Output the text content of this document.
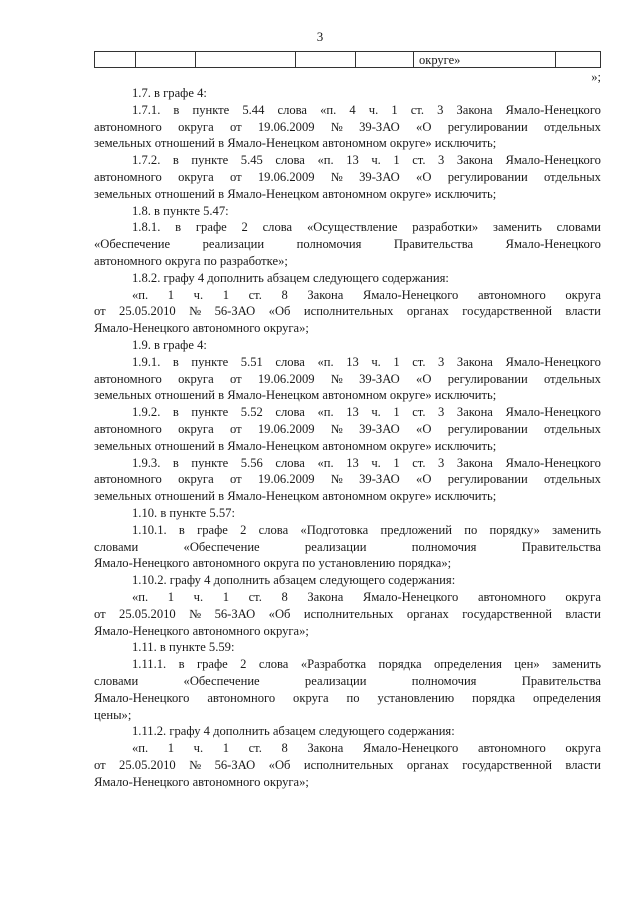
3
округе»
»;
1.7. в графе 4:
1.7.1. в пункте 5.44 слова «п. 4 ч. 1 ст. 3 Закона Ямало-Ненецкого
автономного округа от 19.06.2009 № 39-ЗАО «О регулировании отдельных
земельных отношений в Ямало-Ненецком автономном округе» исключить;
1.7.2. в пункте 5.45 слова «п. 13 ч. 1 ст. 3 Закона Ямало-Ненецкого
автономного округа от 19.06.2009 № 39-ЗАО «О регулировании отдельных
земельных отношений в Ямало-Ненецком автономном округе» исключить;
1.8. в пункте 5.47:
1.8.1. в графе 2 слова «Осуществление разработки» заменить словами
«Обеспечение	реализации	полномочия	Правительства	Ямало-Ненецкого
автономного округа по разработке»;
1.8.2. графу 4 дополнить абзацем следующего содержания:
«п. 1 ч. 1 ст. 8 Закона Ямало-Ненецкого автономного округа
от 25.05.2010 № 56-ЗАО «Об исполнительных органах государственной власти
Ямало-Ненецкого автономного округа»;
1.9. в графе 4:
1.9.1. в пункте 5.51 слова «п. 13 ч. 1 ст. 3 Закона Ямало-Ненецкого
автономного округа от 19.06.2009 № 39-ЗАО «О регулировании отдельных
земельных отношений в Ямало-Ненецком автономном округе» исключить;
1.9.2. в пункте 5.52 слова «п. 13 ч. 1 ст. 3 Закона Ямало-Ненецкого
автономного округа от 19.06.2009 № 39-ЗАО «О регулировании отдельных
земельных отношений в Ямало-Ненецком автономном округе» исключить;
1.9.3. в пункте 5.56 слова «п. 13 ч. 1 ст. 3 Закона Ямало-Ненецкого
автономного округа от 19.06.2009 № 39-ЗАО «О регулировании отдельных
земельных отношений в Ямало-Ненецком автономном округе» исключить;
1.10. в пункте 5.57:
1.10.1. в графе 2 слова «Подготовка предложений по порядку» заменить
словами	«Обеспечение	реализации	полномочия	Правительства
Ямало-Ненецкого автономного округа по установлению порядка»;
1.10.2. графу 4 дополнить абзацем следующего содержания:
«п. 1 ч. 1 ст. 8 Закона Ямало-Ненецкого автономного округа
от 25.05.2010 № 56-ЗАО «Об исполнительных органах государственной власти
Ямало-Ненецкого автономного округа»;
1.11. в пункте 5.59:
1.11.1. в графе 2 слова «Разработка порядка определения цен» заменить
словами	«Обеспечение	реализации	полномочия	Правительства
Ямало-Ненецкого автономного округа по установлению порядка определения
цены»;
1.11.2. графу 4 дополнить абзацем следующего содержания:
«п. 1 ч. 1 ст. 8 Закона Ямало-Ненецкого автономного округа
от 25.05.2010 № 56-ЗАО «Об исполнительных органах государственной власти
Ямало-Ненецкого автономного округа»;
